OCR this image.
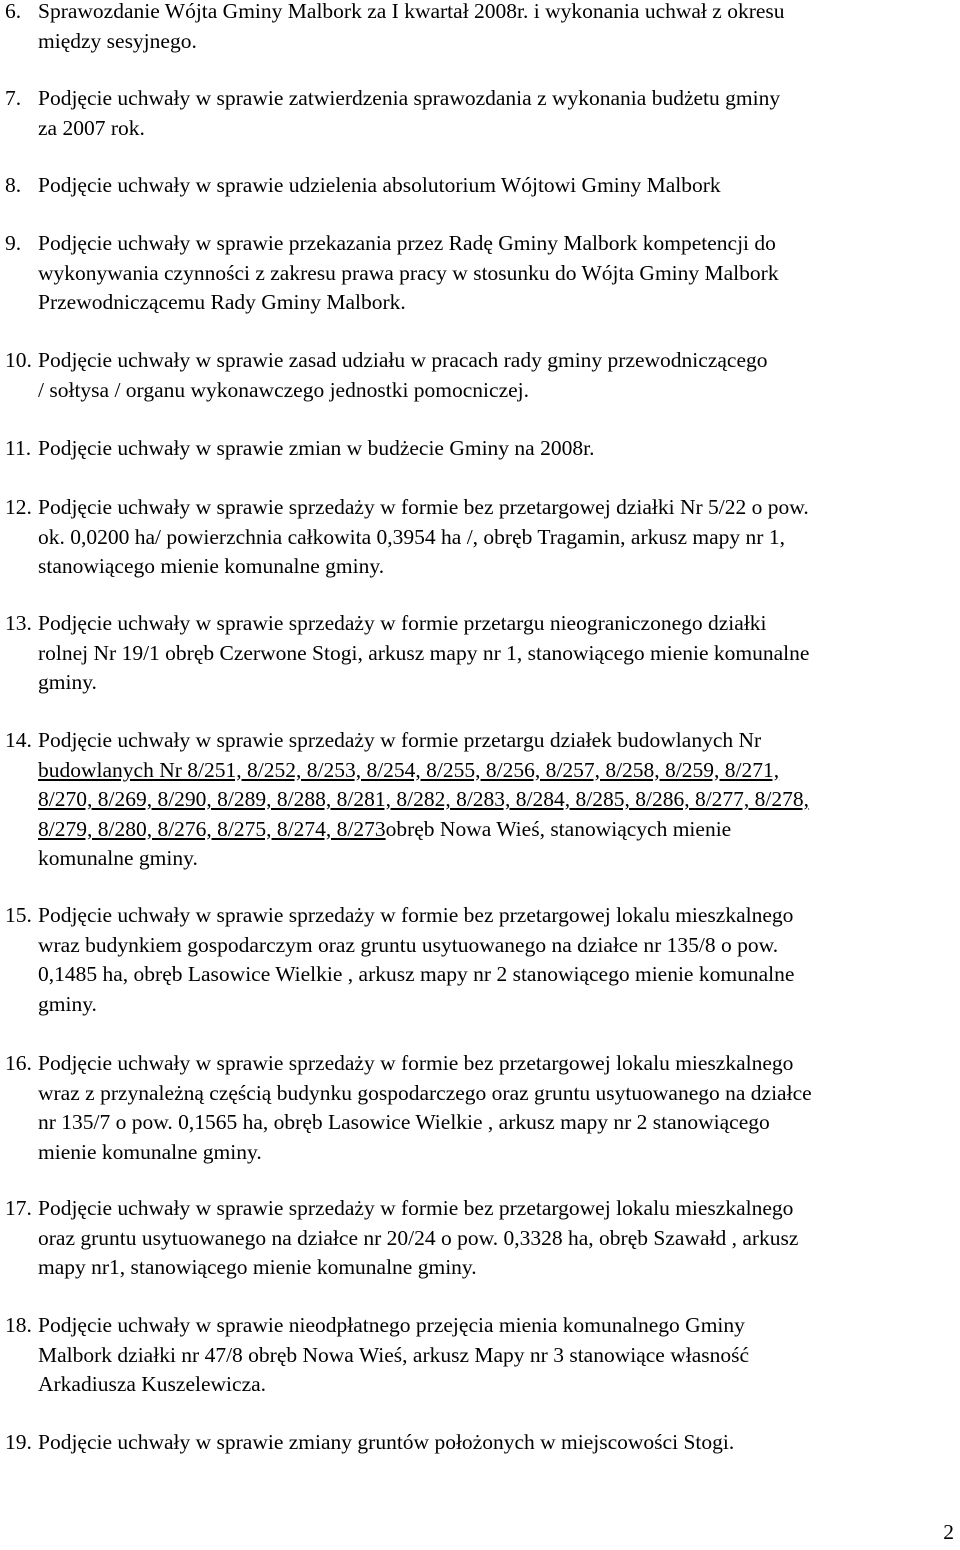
6. Sprawozdanie Wójta Gminy Malbork za I kwartał 2008r. i wykonania uchwał z okresu
między sesyjnego.
7. Podjęcie uchwały w sprawie zatwierdzenia sprawozdania z wykonania budżetu gminy
za 2007 rok.
8. Podjęcie uchwały w sprawie udzielenia absolutorium Wójtowi Gminy Malbork
9. Podjęcie uchwały w sprawie przekazania przez Radę Gminy Malbork kompetencji do
wykonywania czynności z zakresu prawa pracy w stosunku do Wójta Gminy Malbork
Przewodniczącemu Rady Gminy Malbork.
10. Podjęcie uchwały w sprawie zasad udziału w pracach rady gminy przewodniczącego
/ sołtysa / organu wykonawczego jednostki pomocniczej.
11. Podjęcie uchwały w sprawie zmian w budżecie Gminy na 2008r.
12. Podjęcie uchwały w sprawie sprzedaży w formie bez przetargowej działki Nr 5/22 o pow.
ok. 0,0200 ha/ powierzchnia całkowita 0,3954 ha /, obręb Tragamin, arkusz mapy nr 1,
stanowiącego mienie komunalne gminy.
13. Podjęcie uchwały w sprawie sprzedaży w formie przetargu nieograniczonego działki
rolnej Nr 19/1 obręb Czerwone Stogi, arkusz mapy nr 1, stanowiącego mienie komunalne
gminy.
14. Podjęcie uchwały w sprawie sprzedaży w formie przetargu działek budowlanych Nr
budowlanych Nr 8/251, 8/252, 8/253, 8/254, 8/255, 8/256, 8/257, 8/258, 8/259, 8/271,
8/270, 8/269, 8/290, 8/289, 8/288, 8/281, 8/282, 8/283, 8/284, 8/285, 8/286, 8/277, 8/278,
8/279, 8/280, 8/276, 8/275, 8/274, 8/273obręb Nowa Wieś, stanowiących mienie
komunalne gminy.
15. Podjęcie uchwały w sprawie sprzedaży w formie bez przetargowej lokalu mieszkalnego
wraz budynkiem gospodarczym oraz gruntu usytuowanego na działce nr 135/8 o pow.
0,1485 ha, obręb Lasowice Wielkie , arkusz mapy nr 2 stanowiącego mienie komunalne
gminy.
16. Podjęcie uchwały w sprawie sprzedaży w formie bez przetargowej lokalu mieszkalnego
wraz z przynależną częścią budynku gospodarczego oraz gruntu usytuowanego na działce
nr 135/7 o pow. 0,1565 ha, obręb Lasowice Wielkie , arkusz mapy nr 2 stanowiącego
mienie komunalne gminy.
17. Podjęcie uchwały w sprawie sprzedaży w formie bez przetargowej lokalu mieszkalnego
oraz gruntu usytuowanego na działce nr 20/24 o pow. 0,3328 ha, obręb Szawałd , arkusz
mapy nr1, stanowiącego mienie komunalne gminy.
18. Podjęcie uchwały w sprawie nieodpłatnego przejęcia mienia komunalnego Gminy
Malbork działki nr 47/8 obręb Nowa Wieś, arkusz Mapy nr 3 stanowiące własność
Arkadiusza Kuszelewicza.
19. Podjęcie uchwały w sprawie zmiany gruntów położonych w miejscowości Stogi.
2
